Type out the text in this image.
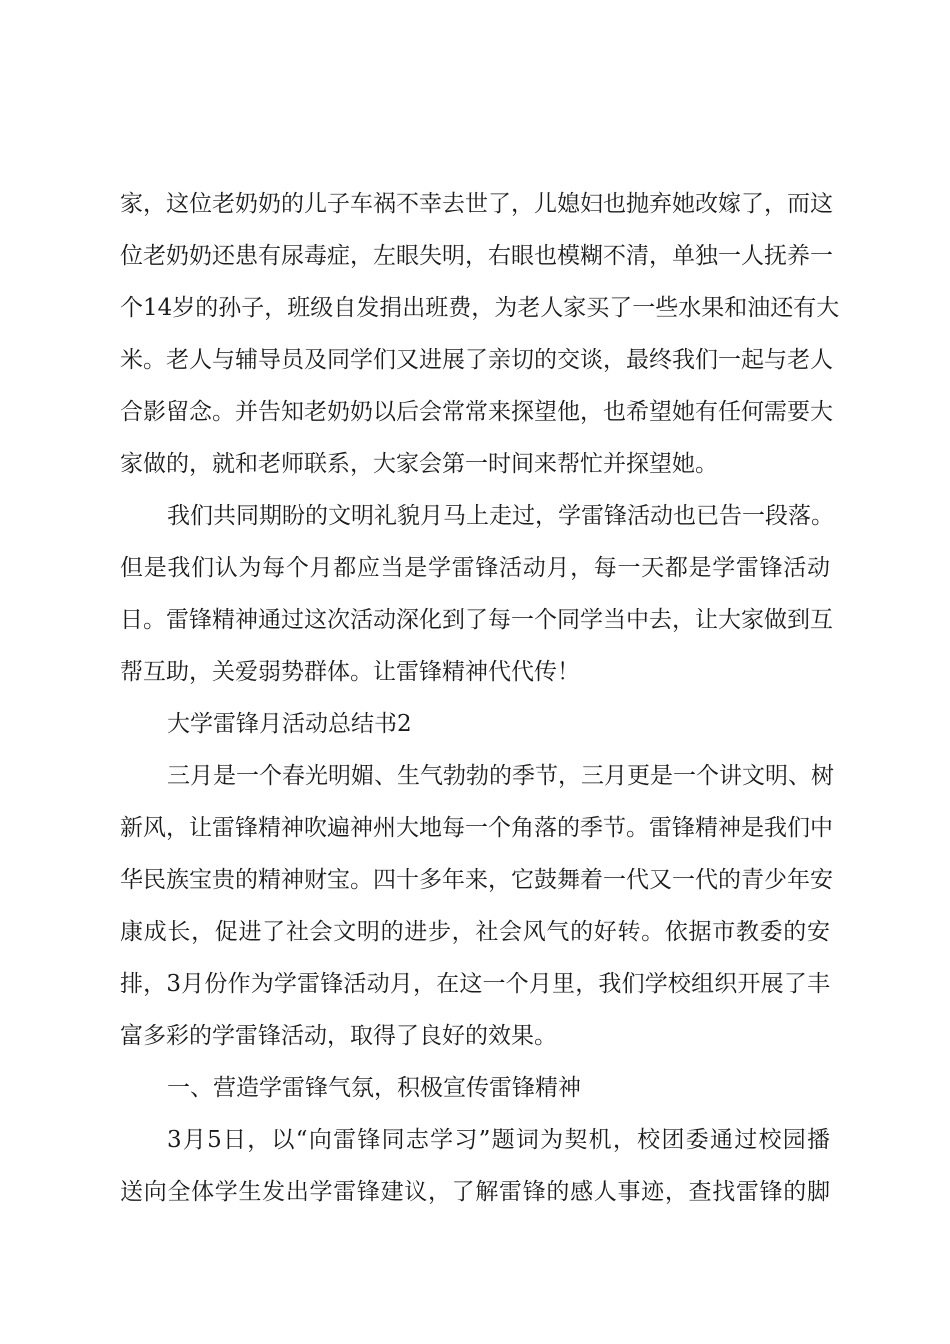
家，这位老奶奶的儿子车祸不幸去世了，儿媳妇也抛弃她改嫁了，而这
位老奶奶还患有尿毒症，左眼失明，右眼也模糊不清，单独一人抚养一
个14岁的孙子，班级自发捐出班费，为老人家买了一些水果和油还有大
米。老人与辅导员及同学们又进展了亲切的交谈，最终我们一起与老人
合影留念。并告知老奶奶以后会常常来探望他，也希望她有任何需要大
家做的，就和老师联系，大家会第一时间来帮忙并探望她。
我们共同期盼的文明礼貌月马上走过，学雷锋活动也已告一段落。
但是我们认为每个月都应当是学雷锋活动月，每一天都是学雷锋活动
日。雷锋精神通过这次活动深化到了每一个同学当中去，让大家做到互
帮互助，关爱弱势群体。让雷锋精神代代传！
大学雷锋月活动总结书2
三月是一个春光明媚、生气勃勃的季节，三月更是一个讲文明、树
新风，让雷锋精神吹遍神州大地每一个角落的季节。雷锋精神是我们中
华民族宝贵的精神财宝。四十多年来，它鼓舞着一代又一代的青少年安
康成长，促进了社会文明的进步，社会风气的好转。依据市教委的安
排，3月份作为学雷锋活动月，在这一个月里，我们学校组织开展了丰
富多彩的学雷锋活动，取得了良好的效果。
一、营造学雷锋气氛，积极宣传雷锋精神
3月5日，以“向雷锋同志学习”题词为契机，校团委通过校园播
送向全体学生发出学雷锋建议，了解雷锋的感人事迹，查找雷锋的脚
